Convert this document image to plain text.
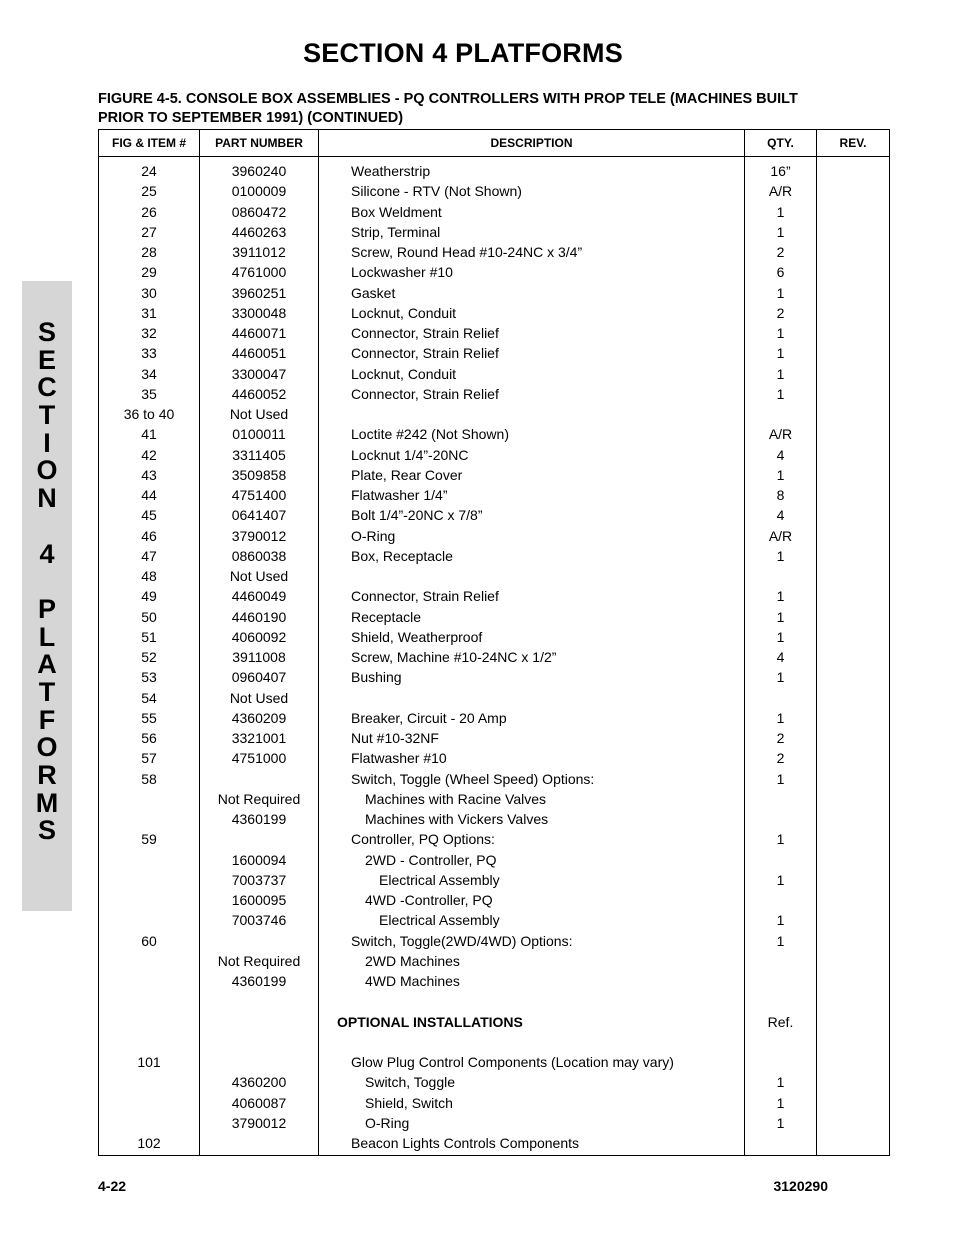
SECTION 4 PLATFORMS
FIGURE 4-5. CONSOLE BOX ASSEMBLIES - PQ CONTROLLERS WITH PROP TELE (MACHINES BUILT PRIOR TO SEPTEMBER 1991) (CONTINUED)
S
E
C
T
I
O
N

4

P
L
A
T
F
O
R
M
S
FIG & ITEM #	PART NUMBER	DESCRIPTION	QTY.	REV.
24	3960240	Weatherstrip	16”	
25	0100009	Silicone - RTV (Not Shown)	A/R	
26	0860472	Box Weldment	1	
27	4460263	Strip, Terminal	1	
28	3911012	Screw, Round Head #10-24NC x 3/4”	2	
29	4761000	Lockwasher #10	6	
30	3960251	Gasket	1	
31	3300048	Locknut, Conduit	2	
32	4460071	Connector, Strain Relief	1	
33	4460051	Connector, Strain Relief	1	
34	3300047	Locknut, Conduit	1	
35	4460052	Connector, Strain Relief	1	
36 to 40	Not Used			
41	0100011	Loctite #242 (Not Shown)	A/R	
42	3311405	Locknut 1/4”-20NC	4	
43	3509858	Plate, Rear Cover	1	
44	4751400	Flatwasher 1/4”	8	
45	0641407	Bolt 1/4”-20NC x 7/8”	4	
46	3790012	O-Ring	A/R	
47	0860038	Box, Receptacle	1	
48	Not Used			
49	4460049	Connector, Strain Relief	1	
50	4460190	Receptacle	1	
51	4060092	Shield, Weatherproof	1	
52	3911008	Screw, Machine #10-24NC x 1/2”	4	
53	0960407	Bushing	1	
54	Not Used			
55	4360209	Breaker, Circuit - 20 Amp	1	
56	3321001	Nut #10-32NF	2	
57	4751000	Flatwasher #10	2	
58		Switch, Toggle (Wheel Speed) Options:	1	
	Not Required	Machines with Racine Valves		
	4360199	Machines with Vickers Valves		
59		Controller, PQ Options:	1	
	1600094	2WD - Controller, PQ		
	7003737	Electrical Assembly	1	
	1600095	4WD -Controller, PQ		
	7003746	Electrical Assembly	1	
60		Switch, Toggle(2WD/4WD) Options:	1	
	Not Required	2WD Machines		
	4360199	4WD Machines		

		OPTIONAL INSTALLATIONS	Ref.	

101		Glow Plug Control Components (Location may vary)		
	4360200	Switch, Toggle	1	
	4060087	Shield, Switch	1	
	3790012	O-Ring	1	
102		Beacon Lights Controls Components		
4-22	3120290
